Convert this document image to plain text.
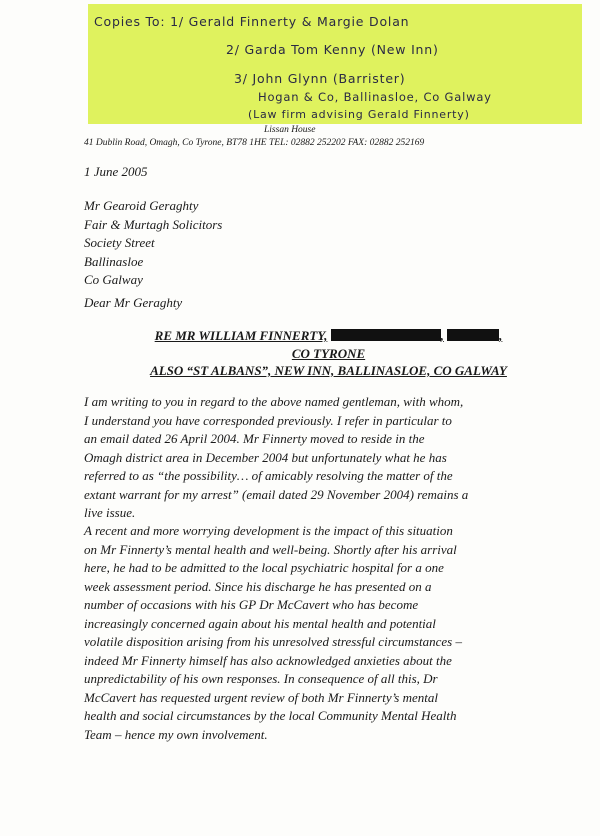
Copies To: 1/ Gerald Finnerty & Margie Dolan
2/ Garda Tom Kenny (New Inn)
3/ John Glynn (Barrister)
Hogan & Co, Ballinasloe, Co Galway
(Law firm advising Gerald Finnerty)
Lissan House
41 Dublin Road, Omagh, Co Tyrone, BT78 1HE TEL: 02882 252202 FAX: 02882 252169
1 June 2005
Mr Gearoid Geraghty
Fair & Murtagh Solicitors
Society Street
Ballinasloe
Co Galway
Dear Mr Geraghty
RE MR WILLIAM FINNERTY,	,	,
CO TYRONE
ALSO “ST ALBANS”, NEW INN, BALLINASLOE, CO GALWAY
I am writing to you in regard to the above named gentleman, with whom,
I understand you have corresponded previously. I refer in particular to
an email dated 26 April 2004. Mr Finnerty moved to reside in the
Omagh district area in December 2004 but unfortunately what he has
referred to as “the possibility… of amicably resolving the matter of the
extant warrant for my arrest” (email dated 29 November 2004) remains a
live issue.
A recent and more worrying development is the impact of this situation
on Mr Finnerty’s mental health and well-being. Shortly after his arrival
here, he had to be admitted to the local psychiatric hospital for a one
week assessment period. Since his discharge he has presented on a
number of occasions with his GP Dr McCavert who has become
increasingly concerned again about his mental health and potential
volatile disposition arising from his unresolved stressful circumstances –
indeed Mr Finnerty himself has also acknowledged anxieties about the
unpredictability of his own responses. In consequence of all this, Dr
McCavert has requested urgent review of both Mr Finnerty’s mental
health and social circumstances by the local Community Mental Health
Team – hence my own involvement.
